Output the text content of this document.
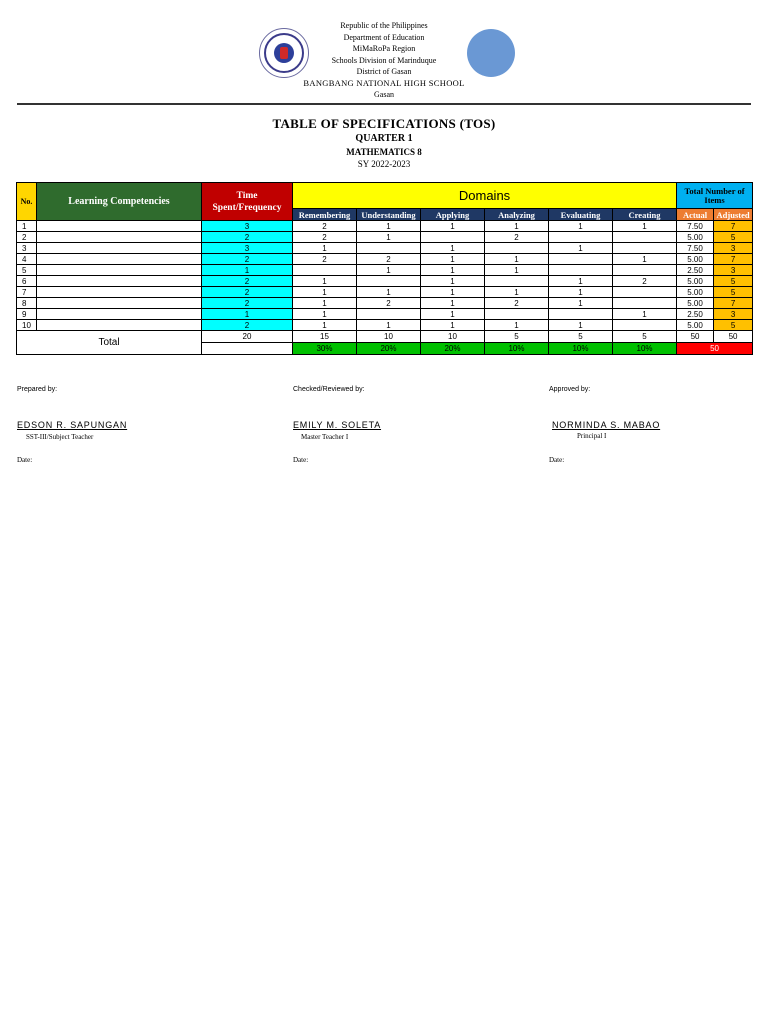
Republic of the Philippines
Department of Education
MiMaRoPa Region
Schools Division of Marinduque
District of Gasan
BANGBANG NATIONAL HIGH SCHOOL
Gasan
TABLE OF SPECIFICATIONS (TOS)
QUARTER 1
MATHEMATICS 8
SY 2022-2023
No.	Learning Competencies	Time Spent/Frequency	Domains						Total Number of Items	
			Remembering	Understanding	Applying	Analyzing	Evaluating	Creating	Actual	Adjusted
1		3	2	1	1	1	1	1	7.50	7
2		2	2	1		2			5.00	5
3		3	1		1		1		7.50	3
4		2	2	2	1	1		1	5.00	7
5		1		1	1	1			2.50	3
6		2	1		1		1	2	5.00	5
7		2	1	1	1	1	1		5.00	5
8		2	1	2	1	2	1		5.00	7
9		1	1		1			1	2.50	3
10		2	1	1	1	1	1		5.00	5
Total		20	15	10	10	5	5	5	50	50
			30%	20%	20%	10%	10%	10%	50	
Prepared by:
EDSON R. SAPUNGAN
SST-III/Subject Teacher
Date:
Checked/Reviewed by:
EMILY M. SOLETA
Master Teacher I
Date:
Approved by:
NORMINDA S. MABAO
Principal I
Date:
